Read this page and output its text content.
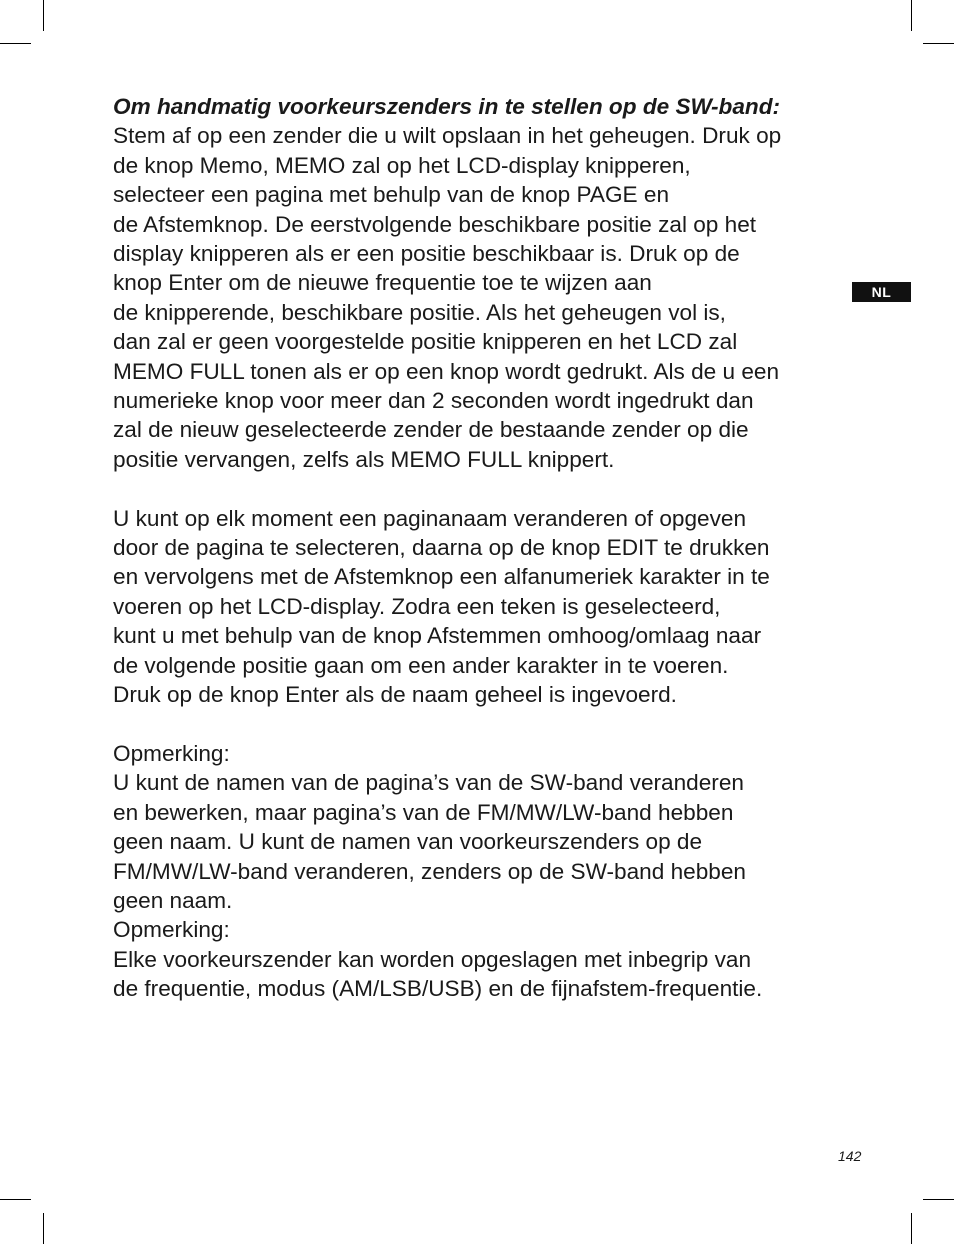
NL
Om handmatig voorkeurszenders in te stellen op de SW-band:
Stem af op een zender die u wilt opslaan in het geheugen. Druk op
de knop Memo, MEMO zal op het LCD-display knipperen,
selecteer een pagina met behulp van de knop PAGE en
de Afstemknop. De eerstvolgende beschikbare positie zal op het
display knipperen als er een positie beschikbaar is. Druk op de
knop Enter om de nieuwe frequentie toe te wijzen aan
de knipperende, beschikbare positie. Als het geheugen vol is,
dan zal er geen voorgestelde positie knipperen en het LCD zal
MEMO FULL tonen als er op een knop wordt gedrukt. Als de u een
numerieke knop voor meer dan 2 seconden wordt ingedrukt dan
zal de nieuw geselecteerde zender de bestaande zender op die
positie vervangen, zelfs als MEMO FULL knippert.
U kunt op elk moment een paginanaam veranderen of opgeven
door de pagina te selecteren, daarna op de knop EDIT te drukken
en vervolgens met de Afstemknop een alfanumeriek karakter in te
voeren op het LCD-display. Zodra een teken is geselecteerd,
kunt u met behulp van de knop Afstemmen omhoog/omlaag naar
de volgende positie gaan om een ander karakter in te voeren.
Druk op de knop Enter als de naam geheel is ingevoerd.
Opmerking:
U kunt de namen van de pagina’s van de SW-band veranderen
en bewerken, maar pagina’s van de FM/MW/LW-band hebben
geen naam. U kunt de namen van voorkeurszenders op de
FM/MW/LW-band veranderen, zenders op de SW-band hebben
geen naam.
Opmerking:
Elke voorkeurszender kan worden opgeslagen met inbegrip van
de frequentie, modus (AM/LSB/USB) en de fijnafstem-frequentie.
142
